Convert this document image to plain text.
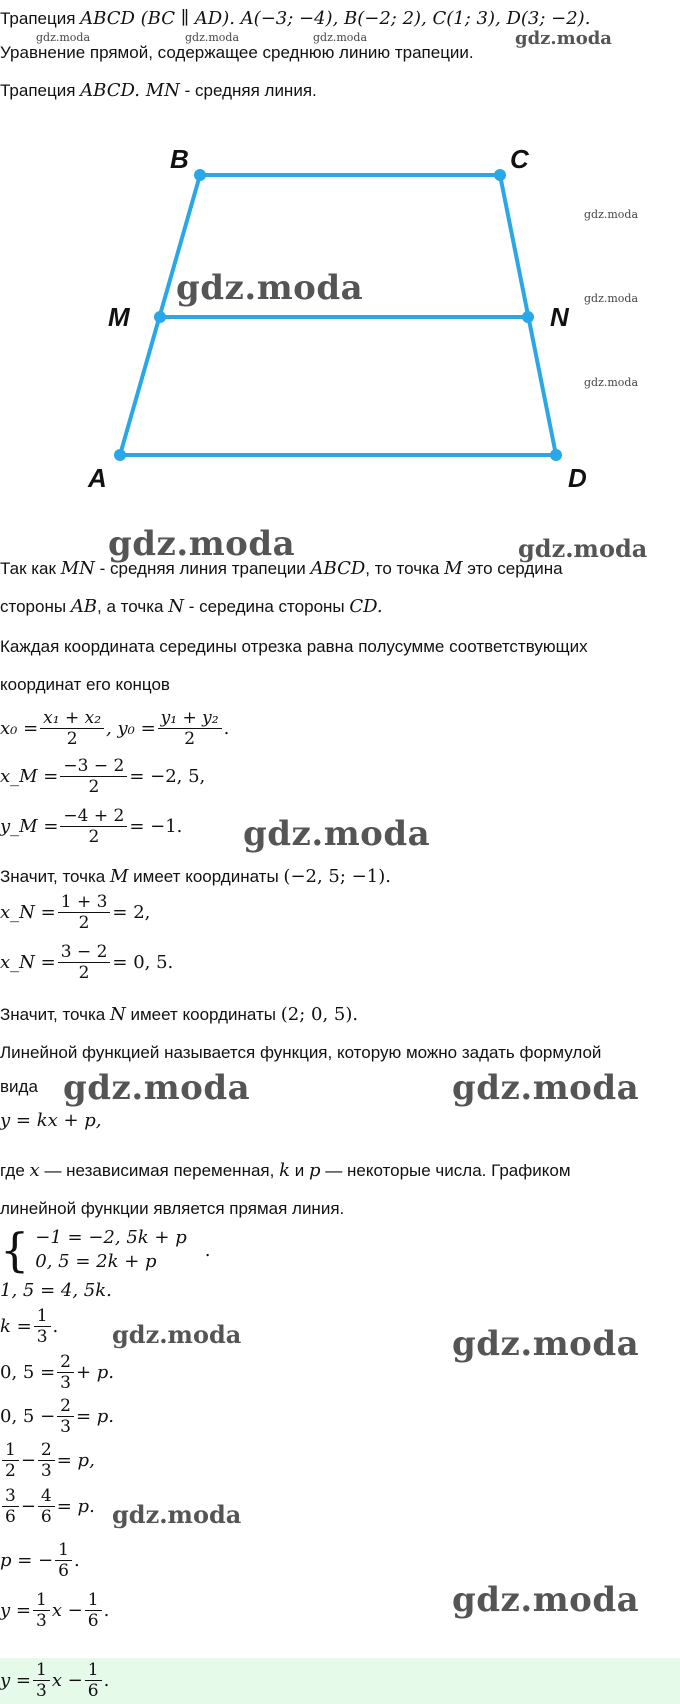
Трапеция ABCD (BC ∥ AD). A(−3; −4), B(−2; 2), C(1; 3), D(3; −2).
Уравнение прямой, содержащее среднюю линию трапеции.
Трапеция ABCD. MN - средняя линия.
B	C
M	N
A	D
Так как MN - средняя линия трапеции ABCD, то точка M это сердина
стороны AB, а точка N - середина стороны CD.
Каждая координата середины отрезка равна полусумме соответствующих
координат его концов
$x_0 = \frac{\text{x₁ + x₂}}{2}$ , $y_0 = \frac{\text{y₁ + y₂}}{2}$ .
x_M = $\frac{-3 - 2}{2} = -2$, 5,
y_M = $\frac{-4 + 2}{2} = -1$.
Значит, точка M имеет координаты (−2, 5; −1).
x_N = $\frac{1 + 3}{2} = 2$,
x_N = $\frac{3 - 2}{2} = 0$, 5.
Значит, точка N имеет координаты (2; 0, 5).
Линейной функцией называется функция, которую можно задать формулой
вида
y = kx + p,
где x — независимая переменная, k и p — некоторые числа. Графиком
линейной функции является прямая линия.
{ −1 = −2, 5k + p
0, 5 = 2k + p
.
1, 5 = 4, 5k.
$k = \frac{1}{3}$ .
0, $5 = \frac{2}{3} + p$.
0, $5 - \frac{2}{3} = p$.
$\frac{1}{2} - \frac{2}{3} = p$,
$\frac{3}{6} - \frac{4}{6} = p$.
p = − $\frac{1}{6}$ .
$y = \frac{1}{3}$ $x - \frac{1}{6}$ .
$y = \frac{1}{3}$ $x - \frac{1}{6}$ .
gdz.moda	gdz.moda	gdz.moda	gdz.moda
gdz.moda
gdz.moda
gdz.moda
gdz.moda
gdz.moda	gdz.moda
gdz.moda
gdz.moda	gdz.moda
gdz.moda	gdz.moda
gdz.moda
gdz.moda
